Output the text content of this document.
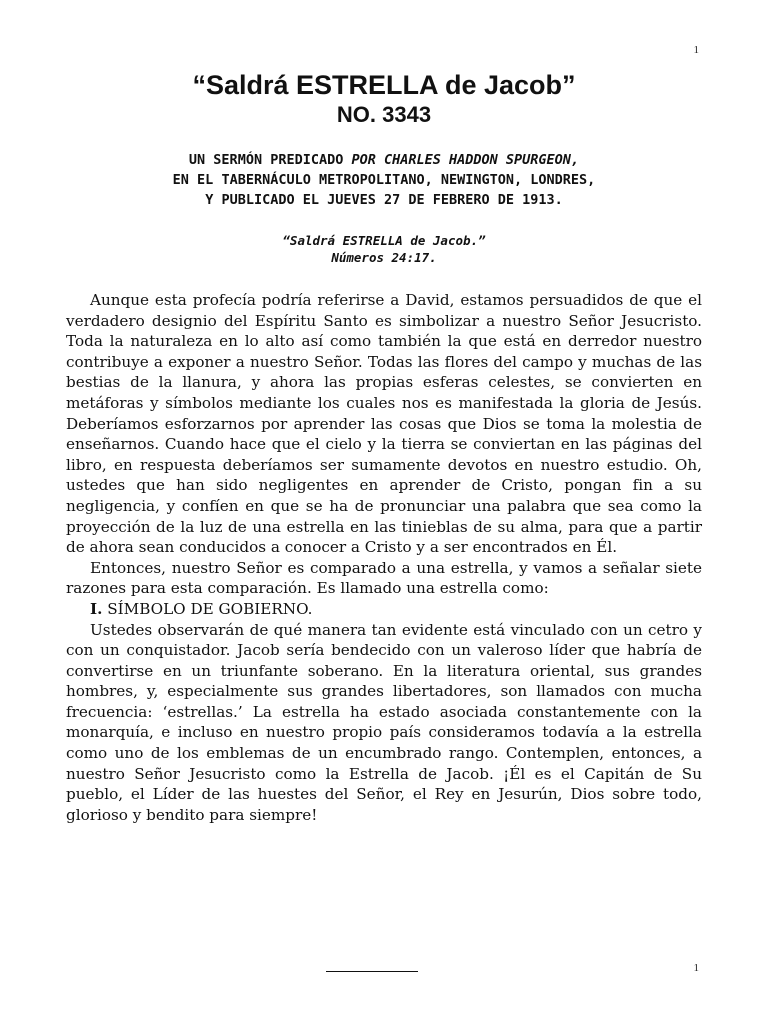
1
“Saldrá ESTRELLA de Jacob”
NO. 3343
UN SERMÓN PREDICADO POR CHARLES HADDON SPURGEON,
EN EL TABERNÁCULO METROPOLITANO, NEWINGTON, LONDRES,
Y PUBLICADO EL JUEVES 27 DE FEBRERO DE 1913.
“Saldrá ESTRELLA de Jacob.”
Números 24:17.

Aunque esta profecía podría referirse a David, estamos persuadidos de que el verdadero designio del Espíritu Santo es simbolizar a nuestro Señor Jesucristo. Toda la naturaleza en lo alto así como también la que está en derredor nuestro contribuye a exponer a nuestro Señor. Todas las flores del campo y muchas de las bestias de la llanura, y ahora las propias esferas celestes, se convierten en metáforas y símbolos mediante los cuales nos es manifestada la gloria de Jesús. Deberíamos esforzarnos por aprender las cosas que Dios se toma la molestia de enseñarnos. Cuando hace que el cielo y la tierra se conviertan en las páginas del libro, en respuesta deberíamos ser sumamente devotos en nuestro estudio. Oh, ustedes que han sido negligentes en aprender de Cristo, pongan fin a su negligencia, y confíen en que se ha de pronunciar una palabra que sea como la proyección de la luz de una estrella en las tinieblas de su alma, para que a partir de ahora sean conducidos a conocer a Cristo y a ser encontrados en Él.

Entonces, nuestro Señor es comparado a una estrella, y vamos a señalar siete razones para esta comparación. Es llamado una estrella como:

I. SÍMBOLO DE GOBIERNO.

Ustedes observarán de qué manera tan evidente está vinculado con un cetro y con un conquistador. Jacob sería bendecido con un valeroso líder que habría de convertirse en un triunfante soberano. En la literatura oriental, sus grandes hombres, y, especialmente sus grandes libertadores, son llamados con mucha frecuencia: ‘estrellas.’ La estrella ha estado asociada constantemente con la monarquía, e incluso en nuestro propio país consideramos todavía a la estrella como uno de los emblemas de un encumbrado rango. Contemplen, entonces, a nuestro Señor Jesucristo como la Estrella de Jacob. ¡Él es el Capitán de Su pueblo, el Líder de las huestes del Señor, el Rey en Jesurún, Dios sobre todo, glorioso y bendito para siempre!

1
